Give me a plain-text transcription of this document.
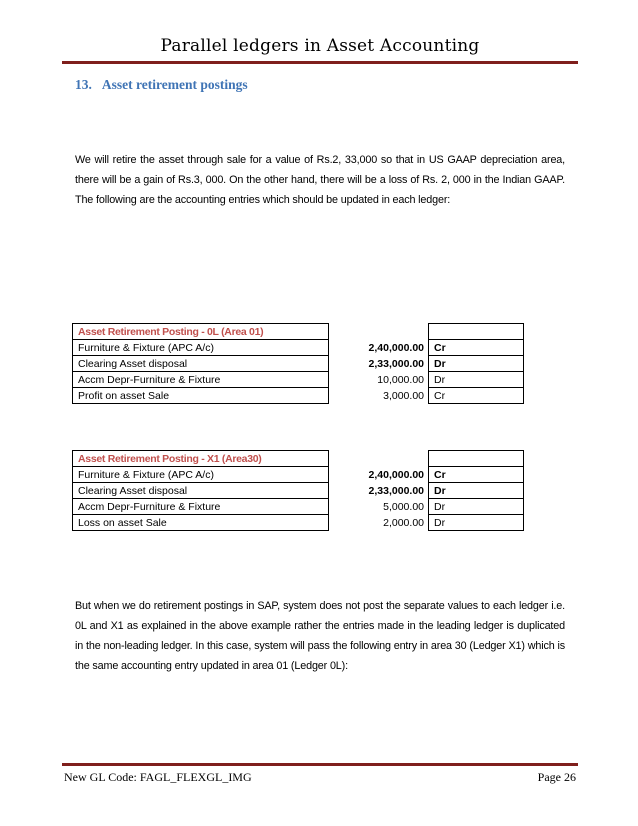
Parallel ledgers in Asset Accounting
13. Asset retirement postings
We will retire the asset through sale for a value of Rs.2, 33,000 so that in US GAAP depreciation area, there will be a gain of Rs.3, 000. On the other hand, there will be a loss of Rs. 2, 000 in the Indian GAAP. The following are the accounting entries which should be updated in each ledger:
Asset Retirement Posting - 0L (Area 01)			
Furniture & Fixture (APC A/c)		2,40,000.00	Cr
Clearing Asset disposal		2,33,000.00	Dr
Accm Depr-Furniture & Fixture		10,000.00	Dr
Profit on asset Sale		3,000.00	Cr
Asset Retirement Posting - X1 (Area30)			
Furniture & Fixture (APC A/c)		2,40,000.00	Cr
Clearing Asset disposal		2,33,000.00	Dr
Accm Depr-Furniture & Fixture		5,000.00	Dr
Loss on asset Sale		2,000.00	Dr
But when we do retirement postings in SAP, system does not post the separate values to each ledger i.e. 0L and X1 as explained in the above example rather the entries made in the leading ledger is duplicated in the non-leading ledger. In this case, system will pass the following entry in area 30 (Ledger X1) which is the same accounting entry updated in area 01 (Ledger 0L):
New GL Code: FAGL_FLEXGL_IMG	Page 26
